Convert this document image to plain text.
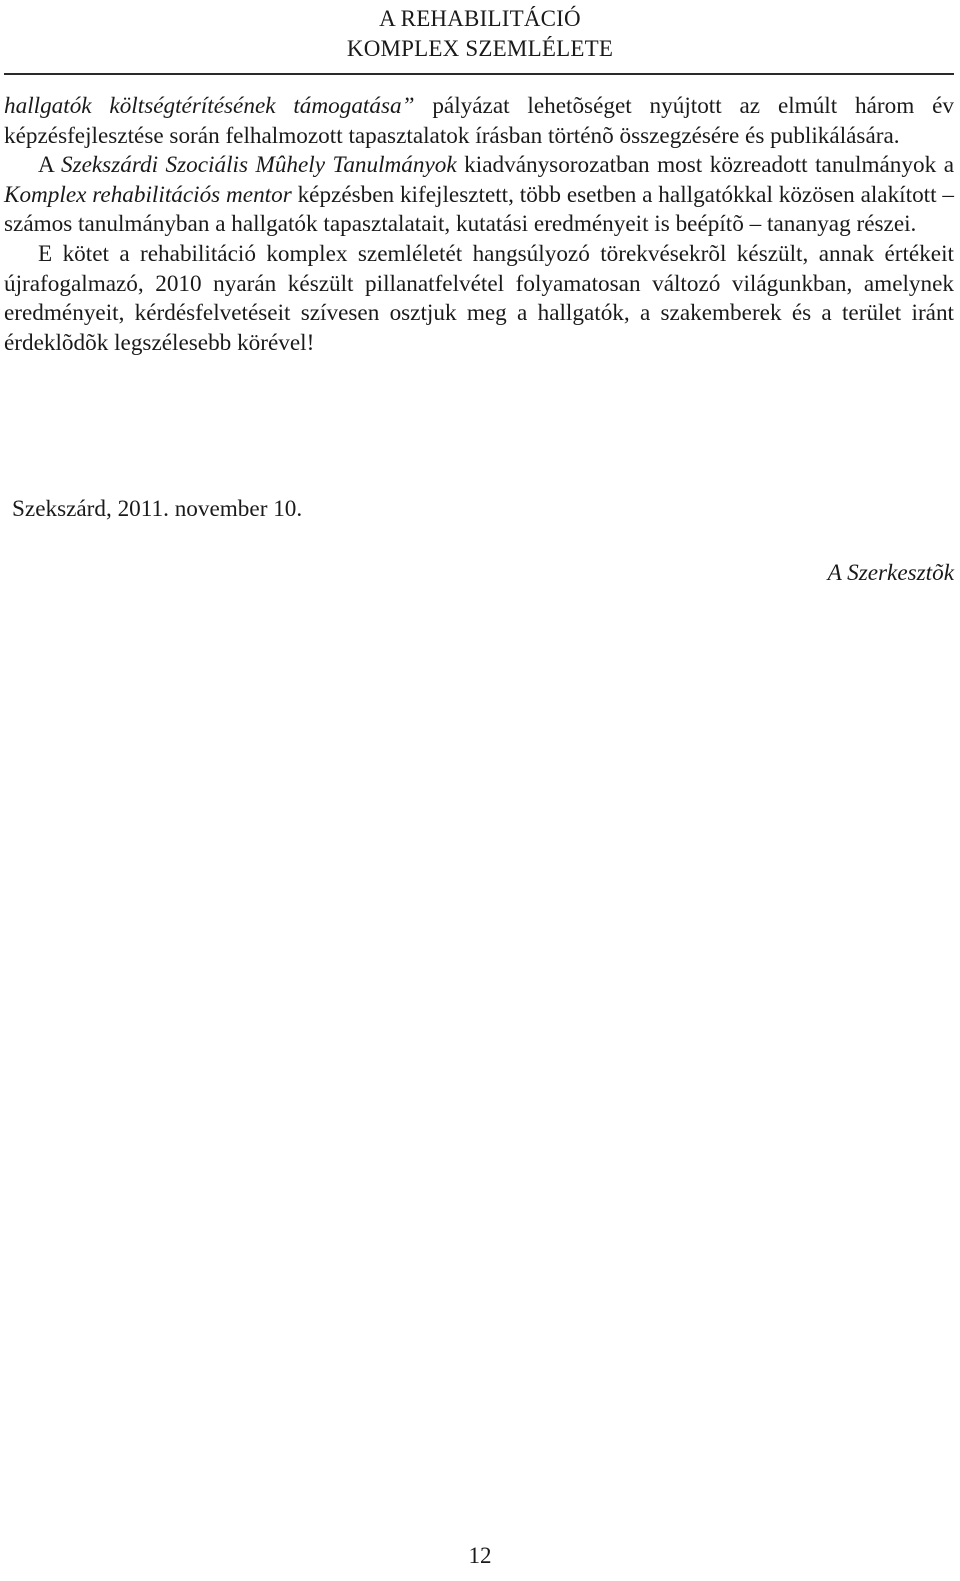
A REHABILITÁCIÓ
KOMPLEX SZEMLÉLETE

hallgatók költségtérítésének támogatása” pályázat lehetõséget nyújtott az elmúlt három év képzésfejlesztése során felhalmozott tapasztalatok írásban történõ összegzésére és publikálására.

A Szekszárdi Szociális Mûhely Tanulmányok kiadványsorozatban most közreadott tanulmányok a Komplex rehabilitációs mentor képzésben kifejlesztett, több esetben a hallgatókkal közösen alakított – számos tanulmányban a hallgatók tapasztalatait, kutatási eredményeit is beépítõ – tananyag részei.

E kötet a rehabilitáció komplex szemléletét hangsúlyozó törekvésekrõl készült, annak értékeit újrafogalmazó, 2010 nyarán készült pillanatfelvétel folyamatosan változó világunkban, amelynek eredményeit, kérdésfelvetéseit szívesen osztjuk meg a hallgatók, a szakemberek és a terület iránt érdeklõdõk legszélesebb körével!

Szekszárd, 2011. november 10.
A Szerkesztõk
12
